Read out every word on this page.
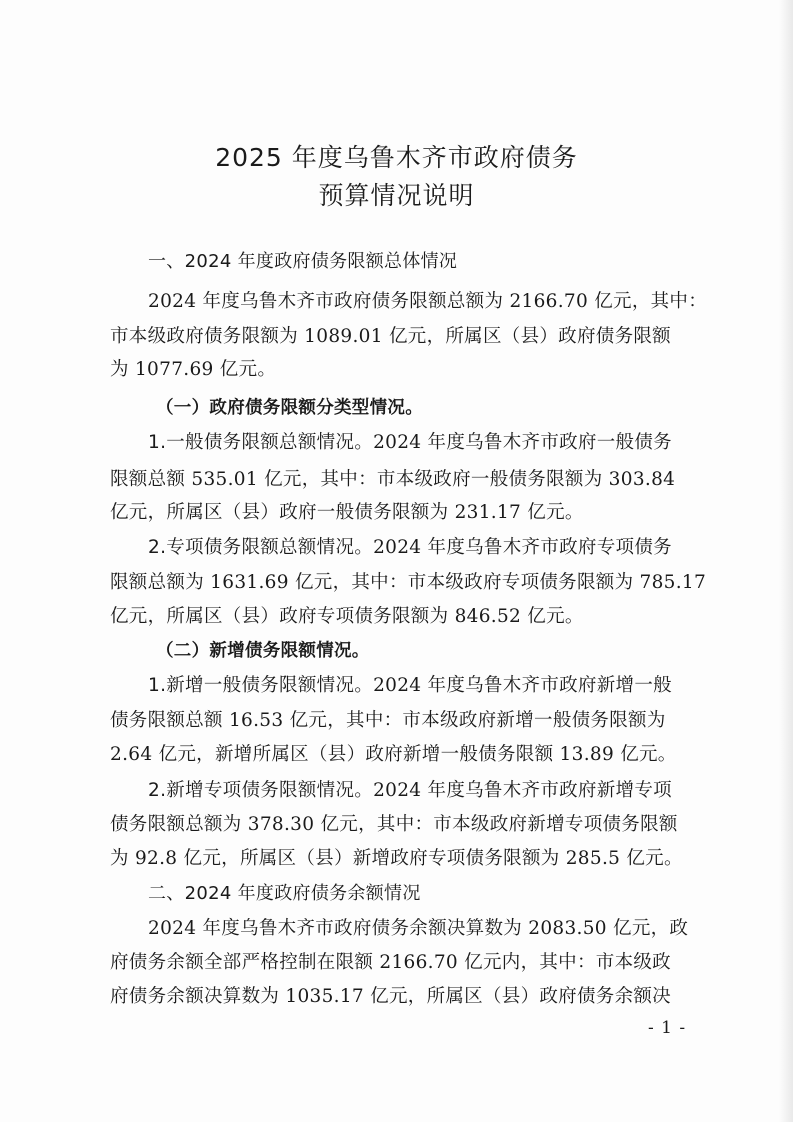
2025 年度乌鲁木齐市政府债务
预算情况说明
一、2024 年度政府债务限额总体情况
2024 年度乌鲁木齐市政府债务限额总额为 2166.70 亿元，其中：
市本级政府债务限额为 1089.01 亿元，所属区（县）政府债务限额
为 1077.69 亿元。
（一）政府债务限额分类型情况。
1.一般债务限额总额情况。2024 年度乌鲁木齐市政府一般债务
限额总额 535.01 亿元，其中：市本级政府一般债务限额为 303.84
亿元，所属区（县）政府一般债务限额为 231.17 亿元。
2.专项债务限额总额情况。2024 年度乌鲁木齐市政府专项债务
限额总额为 1631.69 亿元，其中：市本级政府专项债务限额为 785.17
亿元，所属区（县）政府专项债务限额为 846.52 亿元。
（二）新增债务限额情况。
1.新增一般债务限额情况。2024 年度乌鲁木齐市政府新增一般
债务限额总额 16.53 亿元，其中：市本级政府新增一般债务限额为
2.64 亿元，新增所属区（县）政府新增一般债务限额 13.89 亿元。
2.新增专项债务限额情况。2024 年度乌鲁木齐市政府新增专项
债务限额总额为 378.30 亿元，其中：市本级政府新增专项债务限额
为 92.8 亿元，所属区（县）新增政府专项债务限额为 285.5 亿元。
二、2024 年度政府债务余额情况
2024 年度乌鲁木齐市政府债务余额决算数为 2083.50 亿元，政
府债务余额全部严格控制在限额 2166.70 亿元内，其中：市本级政
府债务余额决算数为 1035.17 亿元，所属区（县）政府债务余额决
- 1 -
